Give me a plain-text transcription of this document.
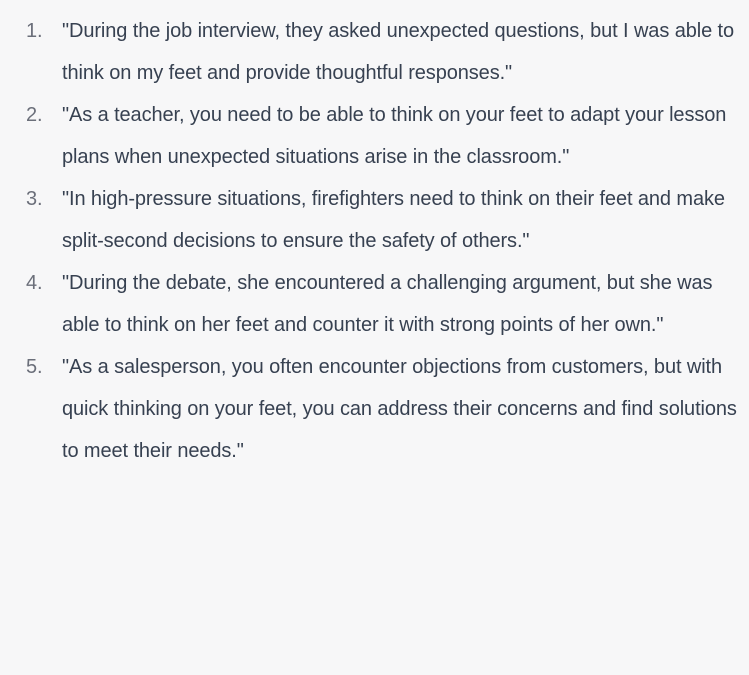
1. "During the job interview, they asked unexpected questions, but I was able to think on my feet and provide thoughtful responses."
2. "As a teacher, you need to be able to think on your feet to adapt your lesson plans when unexpected situations arise in the classroom."
3. "In high-pressure situations, firefighters need to think on their feet and make split-second decisions to ensure the safety of others."
4. "During the debate, she encountered a challenging argument, but she was able to think on her feet and counter it with strong points of her own."
5. "As a salesperson, you often encounter objections from customers, but with quick thinking on your feet, you can address their concerns and find solutions to meet their needs."
